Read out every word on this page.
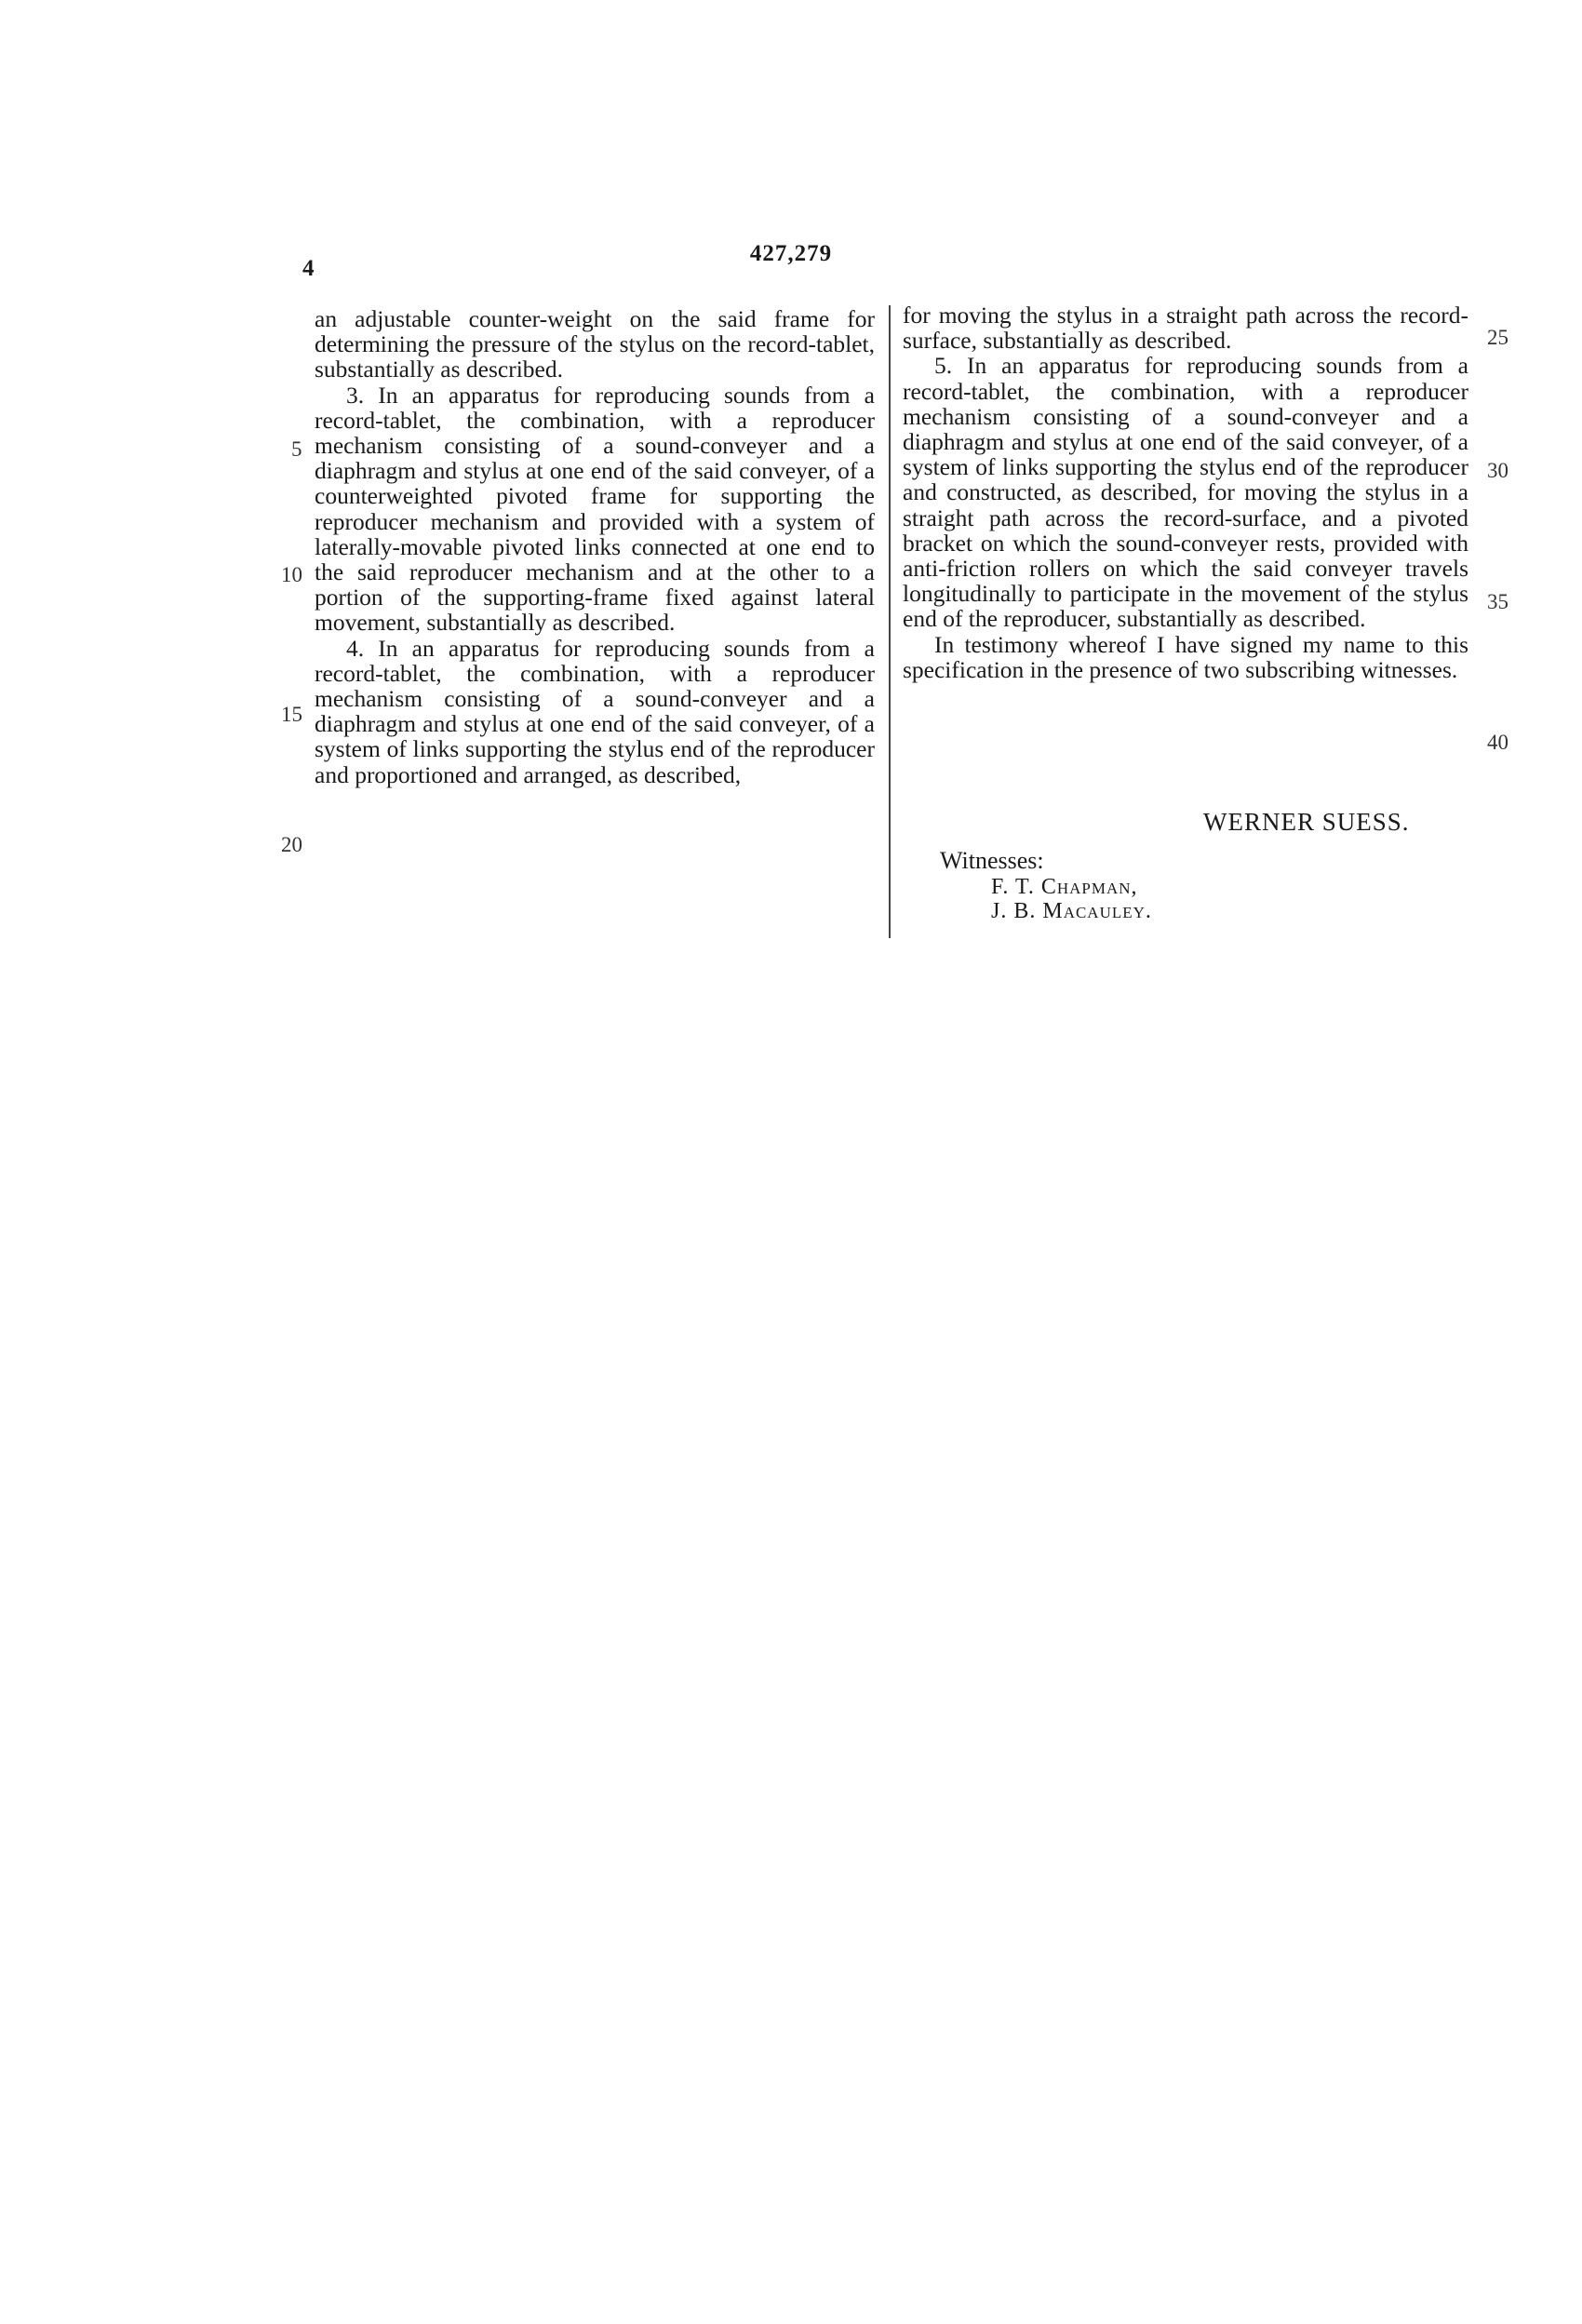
4
427,279

an adjustable counter-weight on the said frame for determining the pressure of the stylus on the record-tablet, substantially as described.

3. In an apparatus for reproducing sounds from a record-tablet, the combination, with a reproducer mechanism consisting of a sound-conveyer and a diaphragm and stylus at one end of the said conveyer, of a counterweighted pivoted frame for supporting the reproducer mechanism and provided with a system of laterally-movable pivoted links connected at one end to the said reproducer mechanism and at the other to a portion of the supporting-frame fixed against lateral movement, substantially as described.

4. In an apparatus for reproducing sounds from a record-tablet, the combination, with a reproducer mechanism consisting of a sound-conveyer and a diaphragm and stylus at one end of the said conveyer, of a system of links supporting the stylus end of the reproducer and proportioned and arranged, as described,

for moving the stylus in a straight path across the record-surface, substantially as described.

5. In an apparatus for reproducing sounds from a record-tablet, the combination, with a reproducer mechanism consisting of a sound-conveyer and a diaphragm and stylus at one end of the said conveyer, of a system of links supporting the stylus end of the reproducer and constructed, as described, for moving the stylus in a straight path across the record-surface, and a pivoted bracket on which the sound-conveyer rests, provided with anti-friction rollers on which the said conveyer travels longitudinally to participate in the movement of the stylus end of the reproducer, substantially as described.

In testimony whereof I have signed my name to this specification in the presence of two subscribing witnesses.

5
10
15
20
25
30
35
40
WERNER SUESS.
Witnesses:
F. T. Chapman,
J. B. Macauley.
